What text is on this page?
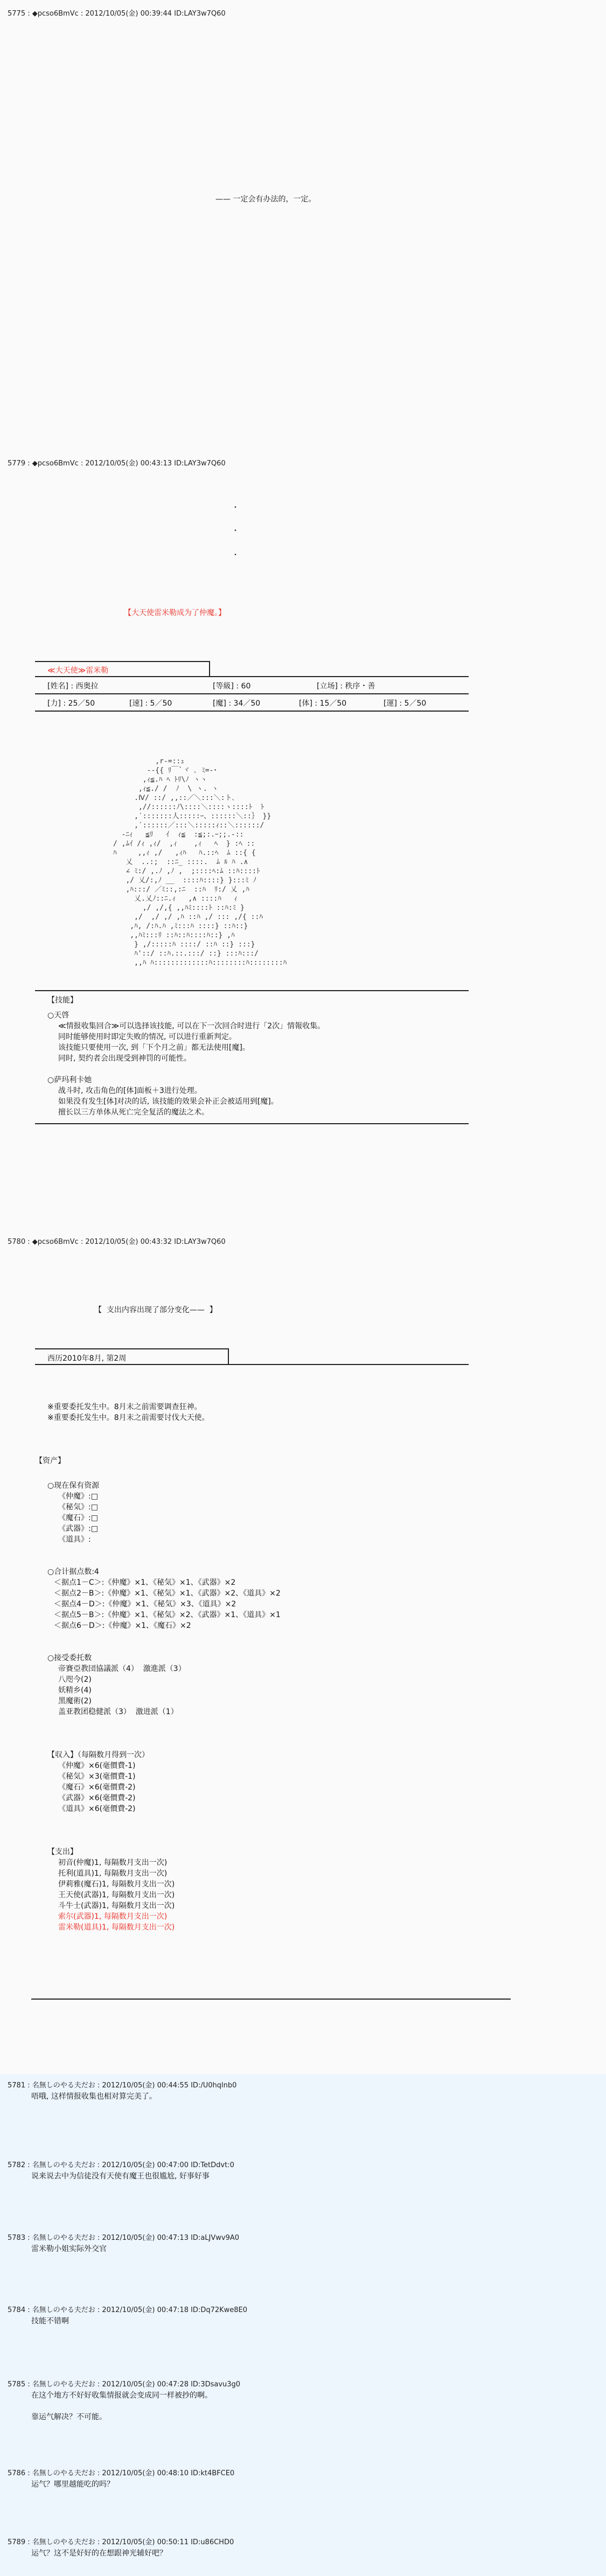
5775 : ◆pcso6BmVc : 2012/10/05(金) 00:39:44 ID:LAY3w7Q60
—— 一定会有办法的，一定。
5779 : ◆pcso6BmVc : 2012/10/05(金) 00:43:13 ID:LAY3w7Q60
・
・
・
【大天使雷米勒成为了仲魔。】
≪大天使≫雷米勒
[姓名] : 西奥拉	[等級] : 60	[立场] : 秩序・善
[力] : 25／50	[速] : 5／50	[魔] : 34／50	[体] : 15／50	[運] : 5／50
,r‐=::ｭ
-‐{{ ﾘ￣`ヾ ､ ﾐ=-･
,ｨ≦.ﾊ ﾍ ﾄﾘ\ﾉ ヽヽ
,ｨ≦./ /  ﾉ  \ ヽ. ヽ
.Ⅳ/ ::/ ,,::／＼:::＼:ト､
,//::::::ﾉ\::::＼::::ヽ::::ﾄ  ﾄ
,′:::::::人:::::ｰ、::::::＼::｝ }}
,′::::::／:::＼:::::ｨ::＼::::::/
‐ﾆｨ   ≦ﾘ   ｲ  ｨ≦  :≦;:.ｰ;;.-::
/ ,ﾑｲ /ｨ ,ｨ/  ,ｨ    ,ｨ   ﾍ  } :ﾍ ::
ﾊ     ,,ｨ ,/   ,ｨﾊ   ﾊ.::ﾍ  ﾑ ::{ {
乂  ..:;  ::ﾆ_ ::::.  ﾑ ﾙ ﾊ .∧
∠ ﾐ:/ ,.ﾉ ,ﾉ ,  ;::::ﾍ:ﾑ ::ﾊ::::ﾄ
,/ 乂/:,ﾉ __  ::::ﾊ::::} }:::ﾐ ﾉ
,ﾊ:::/ ／ﾐ::,:ﾆ  ::ﾊ  ﾘ:/ 乂 ,ﾊ
乂.乂ﾉ::ﾆ.ｨ   ,∧ ::::ﾊ   ｨ
,/ ,/,{ ,,ﾊﾐ::::ﾄ ::ﾊ:ﾐ }
,/  ,/ ,/ ,ﾊ ::ﾊ ,/ ::: ,/{ ::ﾊ
,ﾊ, /:ﾊ.ﾊ ,ﾐ:::ﾊ ::::} ::ﾊ::}
,,ﾊﾐ:::ﾘ ::ﾊ::ﾊ::::ﾊ::} ,ﾊ
} ,/:::::ﾊ ::::/ ::ﾊ ::} :::}
ﾊ'::/ ::ﾊ.::.:::/ ::} :::ﾊ:::/
,,ﾊ ﾊ:::::::::::::ﾊ::::::::ﾊ::::::::ﾊ
【技能】
○天啓
≪情报收集回合≫可以选择该技能, 可以在下一次回合时进行「2次」情報收集。
同时能够使用时即定失败的情况, 可以进行重新判定。
该技能只要使用一次, 到「下个月之前」都无法使用[魔]。
同时, 契约者会出现受到神罚的可能性。
○萨玛利卡她
战斗时, 攻击角色的[体]面板＋3进行处理。
如果没有发生[体]对决的话, 该技能的效果会补正会被适用到[魔]。
擅长以三方单体从死亡完全复活的魔法之术。
5780 : ◆pcso6BmVc : 2012/10/05(金) 00:43:32 ID:LAY3w7Q60
【  支出内容出现了部分变化——  】
西历2010年8月, 第2周
※重要委托发生中。8月末之前需要调查狂神。
※重要委托发生中。8月末之前需要讨伐大天使。
【资产】
○现在保有资源
《仲魔》:□
《秘気》:□
《魔石》:□
《武器》:□
《道具》:
○合计据点数:4
＜据点1－C＞:《仲魔》×1、《秘気》×1、《武器》×2
＜据点2－B＞:《仲魔》×1、《秘気》×1、《武器》×2、《道具》×2
＜据点4－D＞:《仲魔》×1、《秘気》×3、《道具》×2
＜据点5－B＞:《仲魔》×1、《秘気》×2、《武器》×1、《道具》×1
＜据点6－D＞:《仲魔》×1、《魔石》×2
○接受委托数
帝賽亞教団協議派（4）  激進派（3）
八咫今(2)
妖精乡(4)
黑魔術(2)
盖亚教团稳健派（3）  激进派（1）
【収入】（每隔数月得到一次）
《仲魔》×6(毫價費-1)
《秘気》×3(毫價費-1)
《魔石》×6(毫價費-2)
《武器》×6(毫價費-2)
《道具》×6(毫價費-2)
【支出】
初音(仲魔)1, 每隔数月支出一次)
托利(道具)1, 每隔数月支出一次)
伊莉雅(魔石)1, 每隔数月支出一次)
王天使(武器)1, 每隔数月支出一次)
斗牛士(武器)1, 每隔数月支出一次)
索尔(武器)1, 每隔数月支出一次)
雷米勒(道具)1, 每隔数月支出一次)
5781 : 名無しのやる夫だお : 2012/10/05(金) 00:44:55 ID:/U0hqlnb0
唔哦, 这样情报收集也相对算完美了。
5782 : 名無しのやる夫だお : 2012/10/05(金) 00:47:00 ID:TetDdvt:0
说来说去中为信徒没有天使有魔王也很尴尬, 好事好事
5783 : 名無しのやる夫だお : 2012/10/05(金) 00:47:13 ID:aLJVwv9A0
雷米勒小姐实际外交官
5784 : 名無しのやる夫だお : 2012/10/05(金) 00:47:18 ID:Dq72Kwe8E0
技能不错啊
5785 : 名無しのやる夫だお : 2012/10/05(金) 00:47:28 ID:3Dsavu3g0
在这个地方不好好收集情报就会变成同一样被抄的啊。
靠运气解决？不可能。
5786 : 名無しのやる夫だお : 2012/10/05(金) 00:48:10 ID:kt4BFCE0
运气？哪里越能吃的吗？
5789 : 名無しのやる夫だお : 2012/10/05(金) 00:50:11 ID:u86CHD0
运气？这不是好好的在想跟神光辅好吧？
